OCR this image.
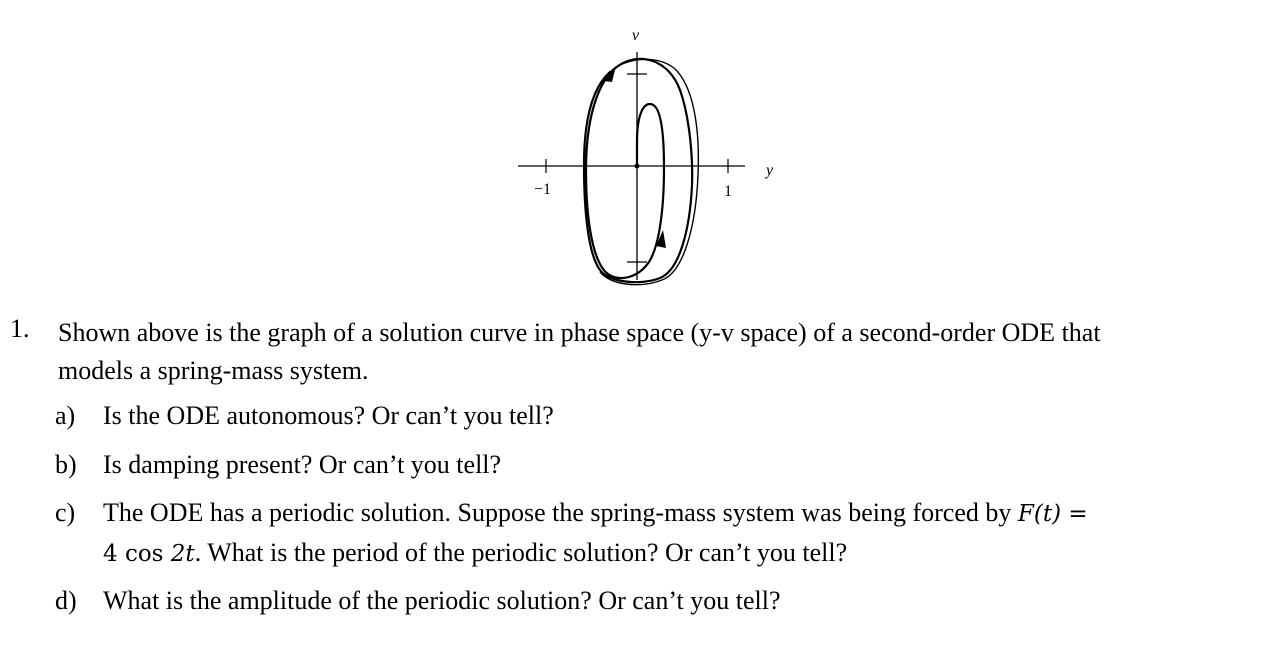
v
y
−1	1
1. Shown above is the graph of a solution curve in phase space (y-v space) of a second-order ODE that
models a spring-mass system.
a) Is the ODE autonomous? Or can’t you tell?
b) Is damping present? Or can’t you tell?
c) The ODE has a periodic solution. Suppose the spring-mass system was being forced by F(t) =
4 cos 2t. What is the period of the periodic solution? Or can’t you tell?
d) What is the amplitude of the periodic solution? Or can’t you tell?
